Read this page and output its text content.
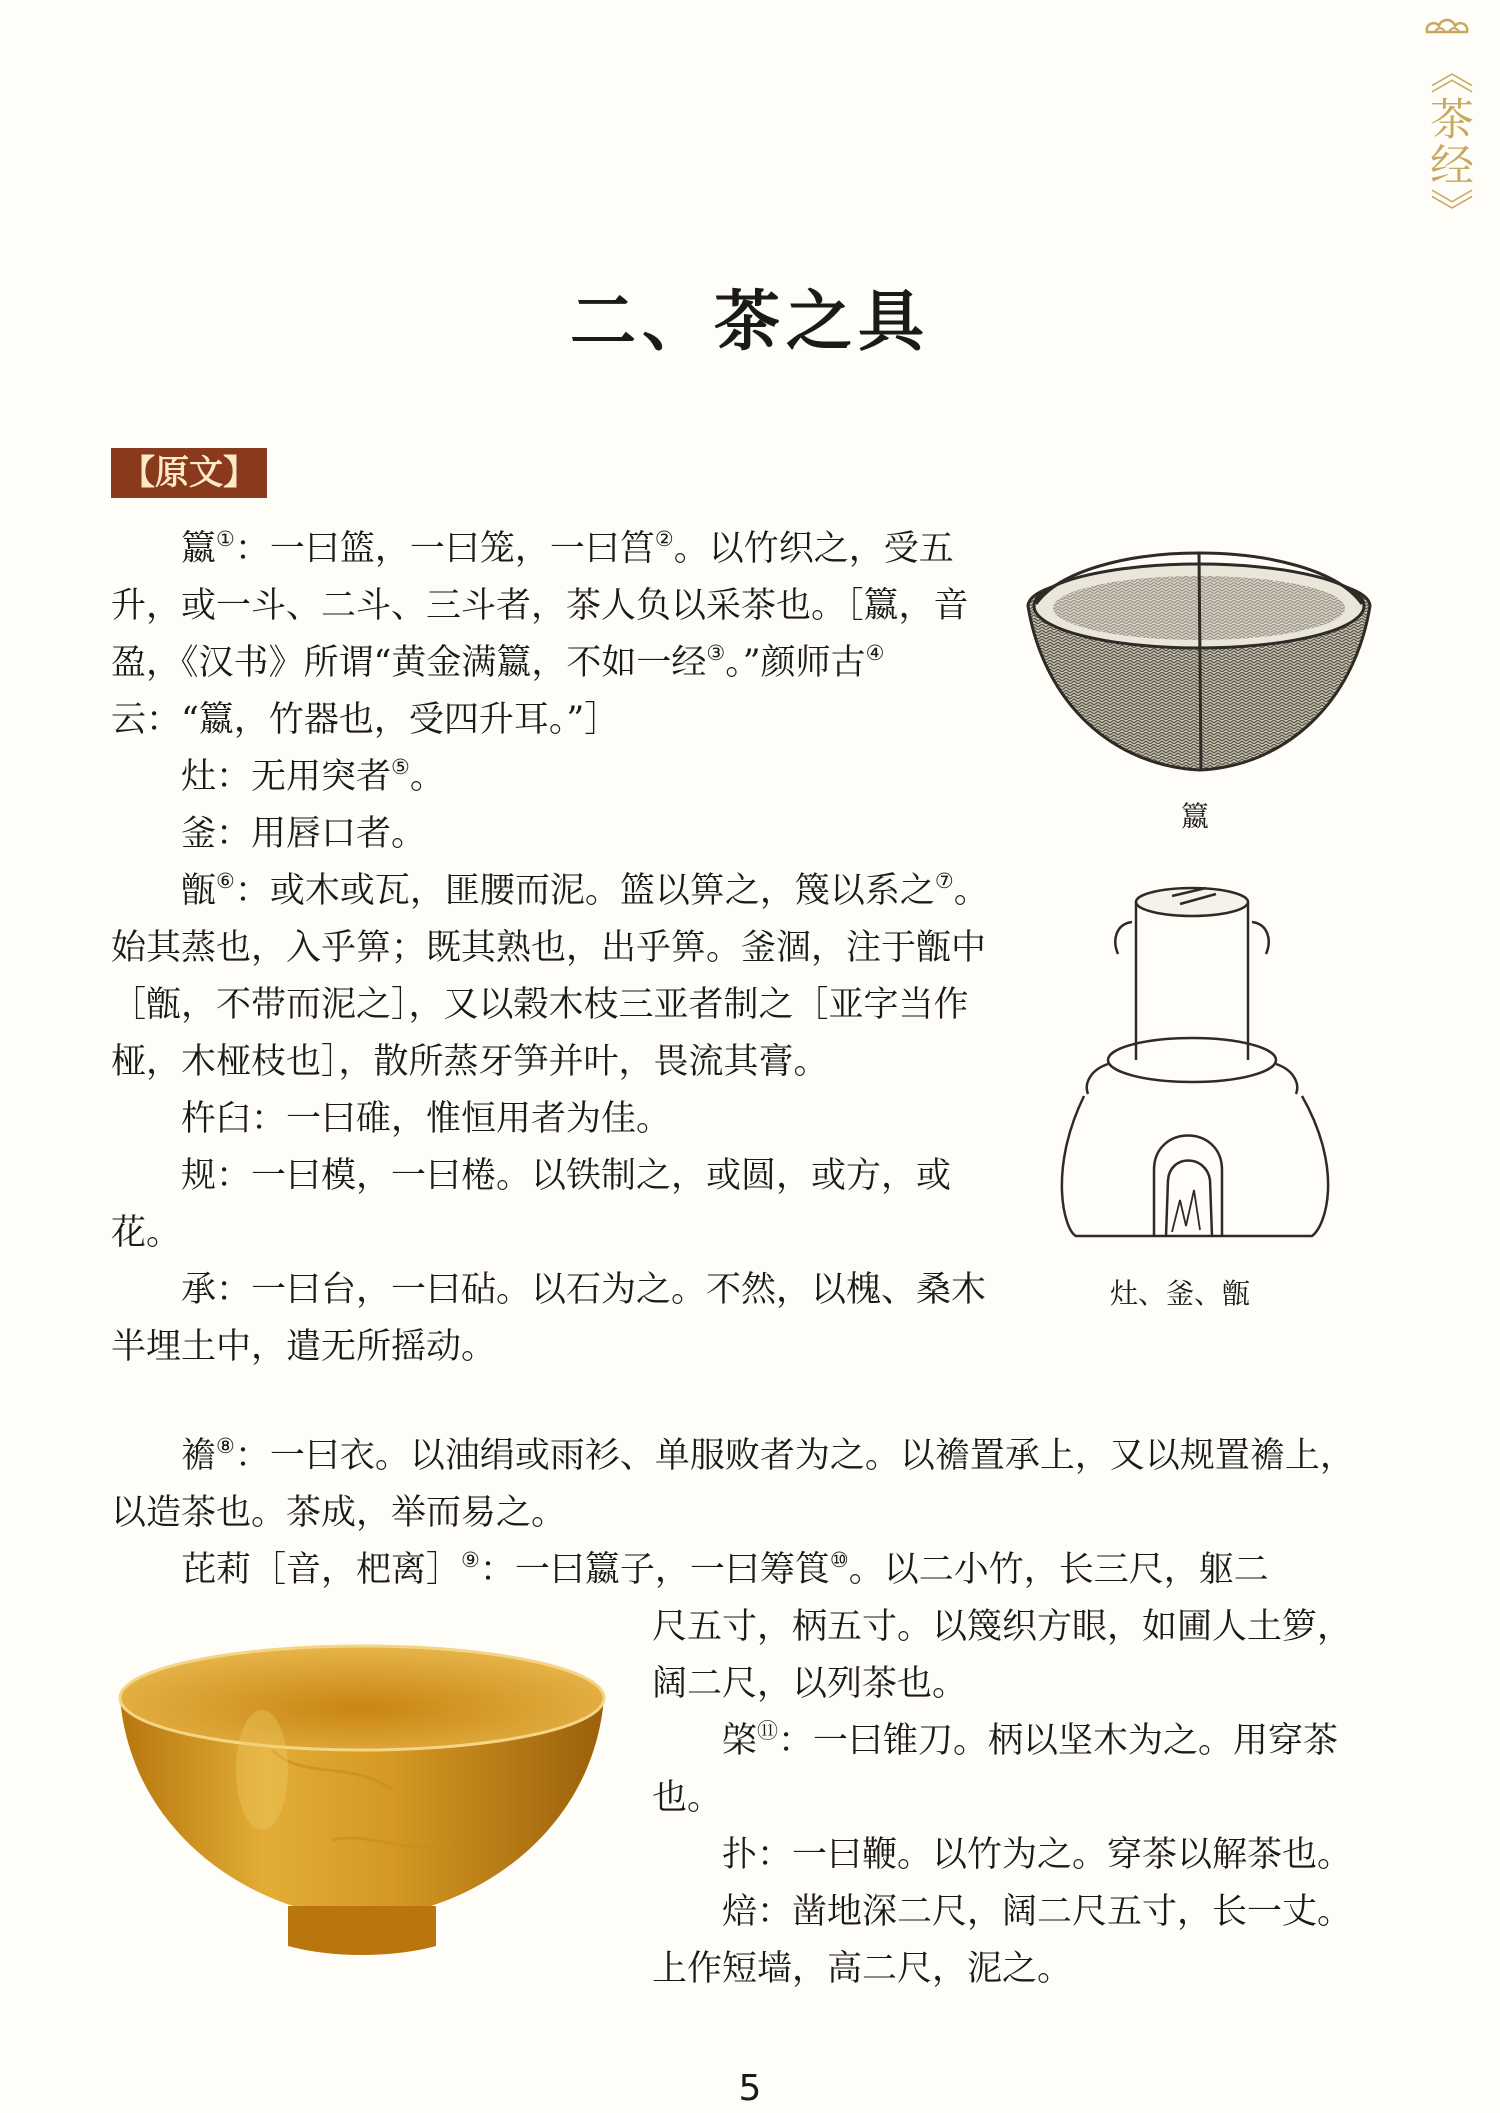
《茶经》
二、茶之具
【原文】

籝①：一曰篮，一曰笼，一曰筥②。以竹织之，受五升，或一斗、二斗、三斗者，茶人负以采茶也。［籝，音盈，《汉书》所谓“黄金满籝，不如一经③。”颜师古④云：“籝，竹器也，受四升耳。”］

灶：无用突者⑤。

釜：用唇口者。

甑⑥：或木或瓦，匪腰而泥。篮以箅之，篾以系之⑦。始其蒸也，入乎箅；既其熟也，出乎箅。釜涸，注于甑中［甑，不带而泥之］，又以榖木枝三亚者制之［亚字当作桠，木桠枝也］，散所蒸牙笋并叶，畏流其膏。

杵臼：一曰碓，惟恒用者为佳。

规：一曰模，一曰棬。以铁制之，或圆，或方，或花。

承：一曰台，一曰砧。以石为之。不然，以槐、桑木半埋土中，遣无所摇动。

襜⑧：一曰衣。以油绢或雨衫、单服败者为之。以襜置承上，又以规置襜上，以造茶也。茶成，举而易之。

芘莉［音，杷离］⑨：一曰籝子，一曰筹筤⑩。以二小竹，长三尺，躯二

尺五寸，柄五寸。以篾织方眼，如圃人土箩，阔二尺，以列茶也。

棨⑪：一曰锥刀。柄以坚木为之。用穿茶也。

扑：一曰鞭。以竹为之。穿茶以解茶也。

焙：凿地深二尺，阔二尺五寸，长一丈。上作短墙，高二尺，泥之。

籝
灶、釜、甑
5
